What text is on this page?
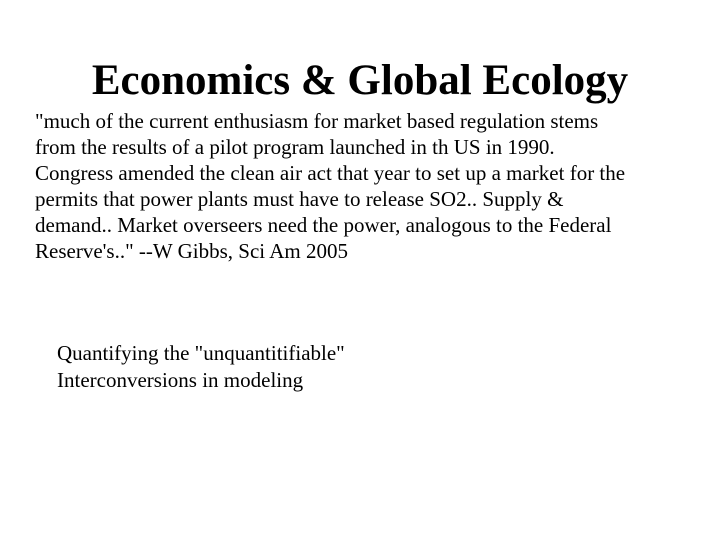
Economics & Global Ecology
"much of the current enthusiasm for market based regulation stems
from the results of a pilot program launched in th US in 1990.
Congress amended the clean air act that year to set up a market for the
permits that power plants must have to release SO2.. Supply &
demand.. Market overseers need the power, analogous to the Federal
Reserve's.." --W Gibbs, Sci Am 2005
Quantifying the "unquantitifiable"
Interconversions in modeling
